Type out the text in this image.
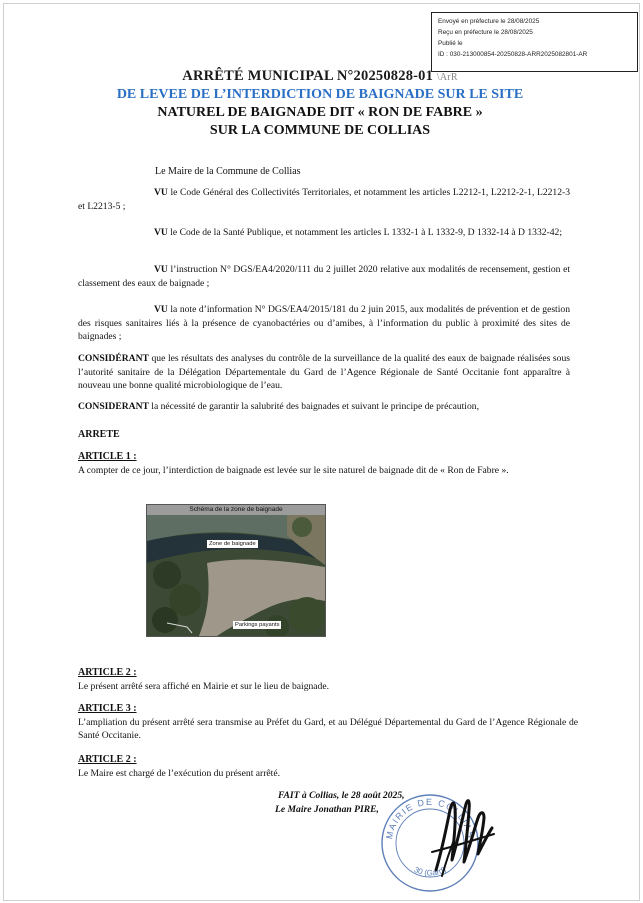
Envoyé en préfecture le 28/08/2025
Reçu en préfecture le 28/08/2025
Publié le
ID : 030-213000854-20250828-ARR2025082801-AR
ARRÊTÉ MUNICIPAL N°20250828-01 \ArR
DE LEVEE DE L’INTERDICTION DE BAIGNADE SUR LE SITE
NATUREL DE BAIGNADE DIT « RON DE FABRE »
SUR LA COMMUNE DE COLLIAS
Le Maire de la Commune de Collias
VU le Code Général des Collectivités Territoriales, et notamment les articles L2212-1, L2212-2-1, L2212-3 et L2213-5 ;
VU le Code de la Santé Publique, et notamment les articles L 1332-1 à L 1332-9, D 1332-14 à D 1332-42;
VU l’instruction N° DGS/EA4/2020/111 du 2 juillet 2020 relative aux modalités de recensement, gestion et classement des eaux de baignade ;
VU la note d’information N° DGS/EA4/2015/181 du 2 juin 2015, aux modalités de prévention et de gestion des risques sanitaires liés à la présence de cyanobactéries ou d’amibes, à l’information du public à proximité des sites de baignades ;
CONSIDÉRANT que les résultats des analyses du contrôle de la surveillance de la qualité des eaux de baignade réalisées sous l’autorité sanitaire de la Délégation Départementale du Gard de l’Agence Régionale de Santé Occitanie font apparaître à nouveau une bonne qualité microbiologique de l’eau.
CONSIDERANT la nécessité de garantir la salubrité des baignades et suivant le principe de précaution,
ARRETE
ARTICLE 1 :
A compter de ce jour, l’interdiction de baignade est levée sur le site naturel de baignade dit de « Ron de Fabre ».
Schéma de la zone de baignade
Zone de baignade
Parkings payants
ARTICLE 2 :
Le présent arrêté sera affiché en Mairie et sur le lieu de baignade.
ARTICLE 3 :
L’ampliation du présent arrêté sera transmise au Préfet du Gard, et au Délégué Départemental du Gard de l’Agence Régionale de Santé Occitanie.
ARTICLE 2 :
Le Maire est chargé de l’exécution du présent arrêté.
FAIT à Collias, le 28 août 2025,
Le Maire Jonathan PIRE,
MAIRIE DE COLLIAS
30 (Gard)
